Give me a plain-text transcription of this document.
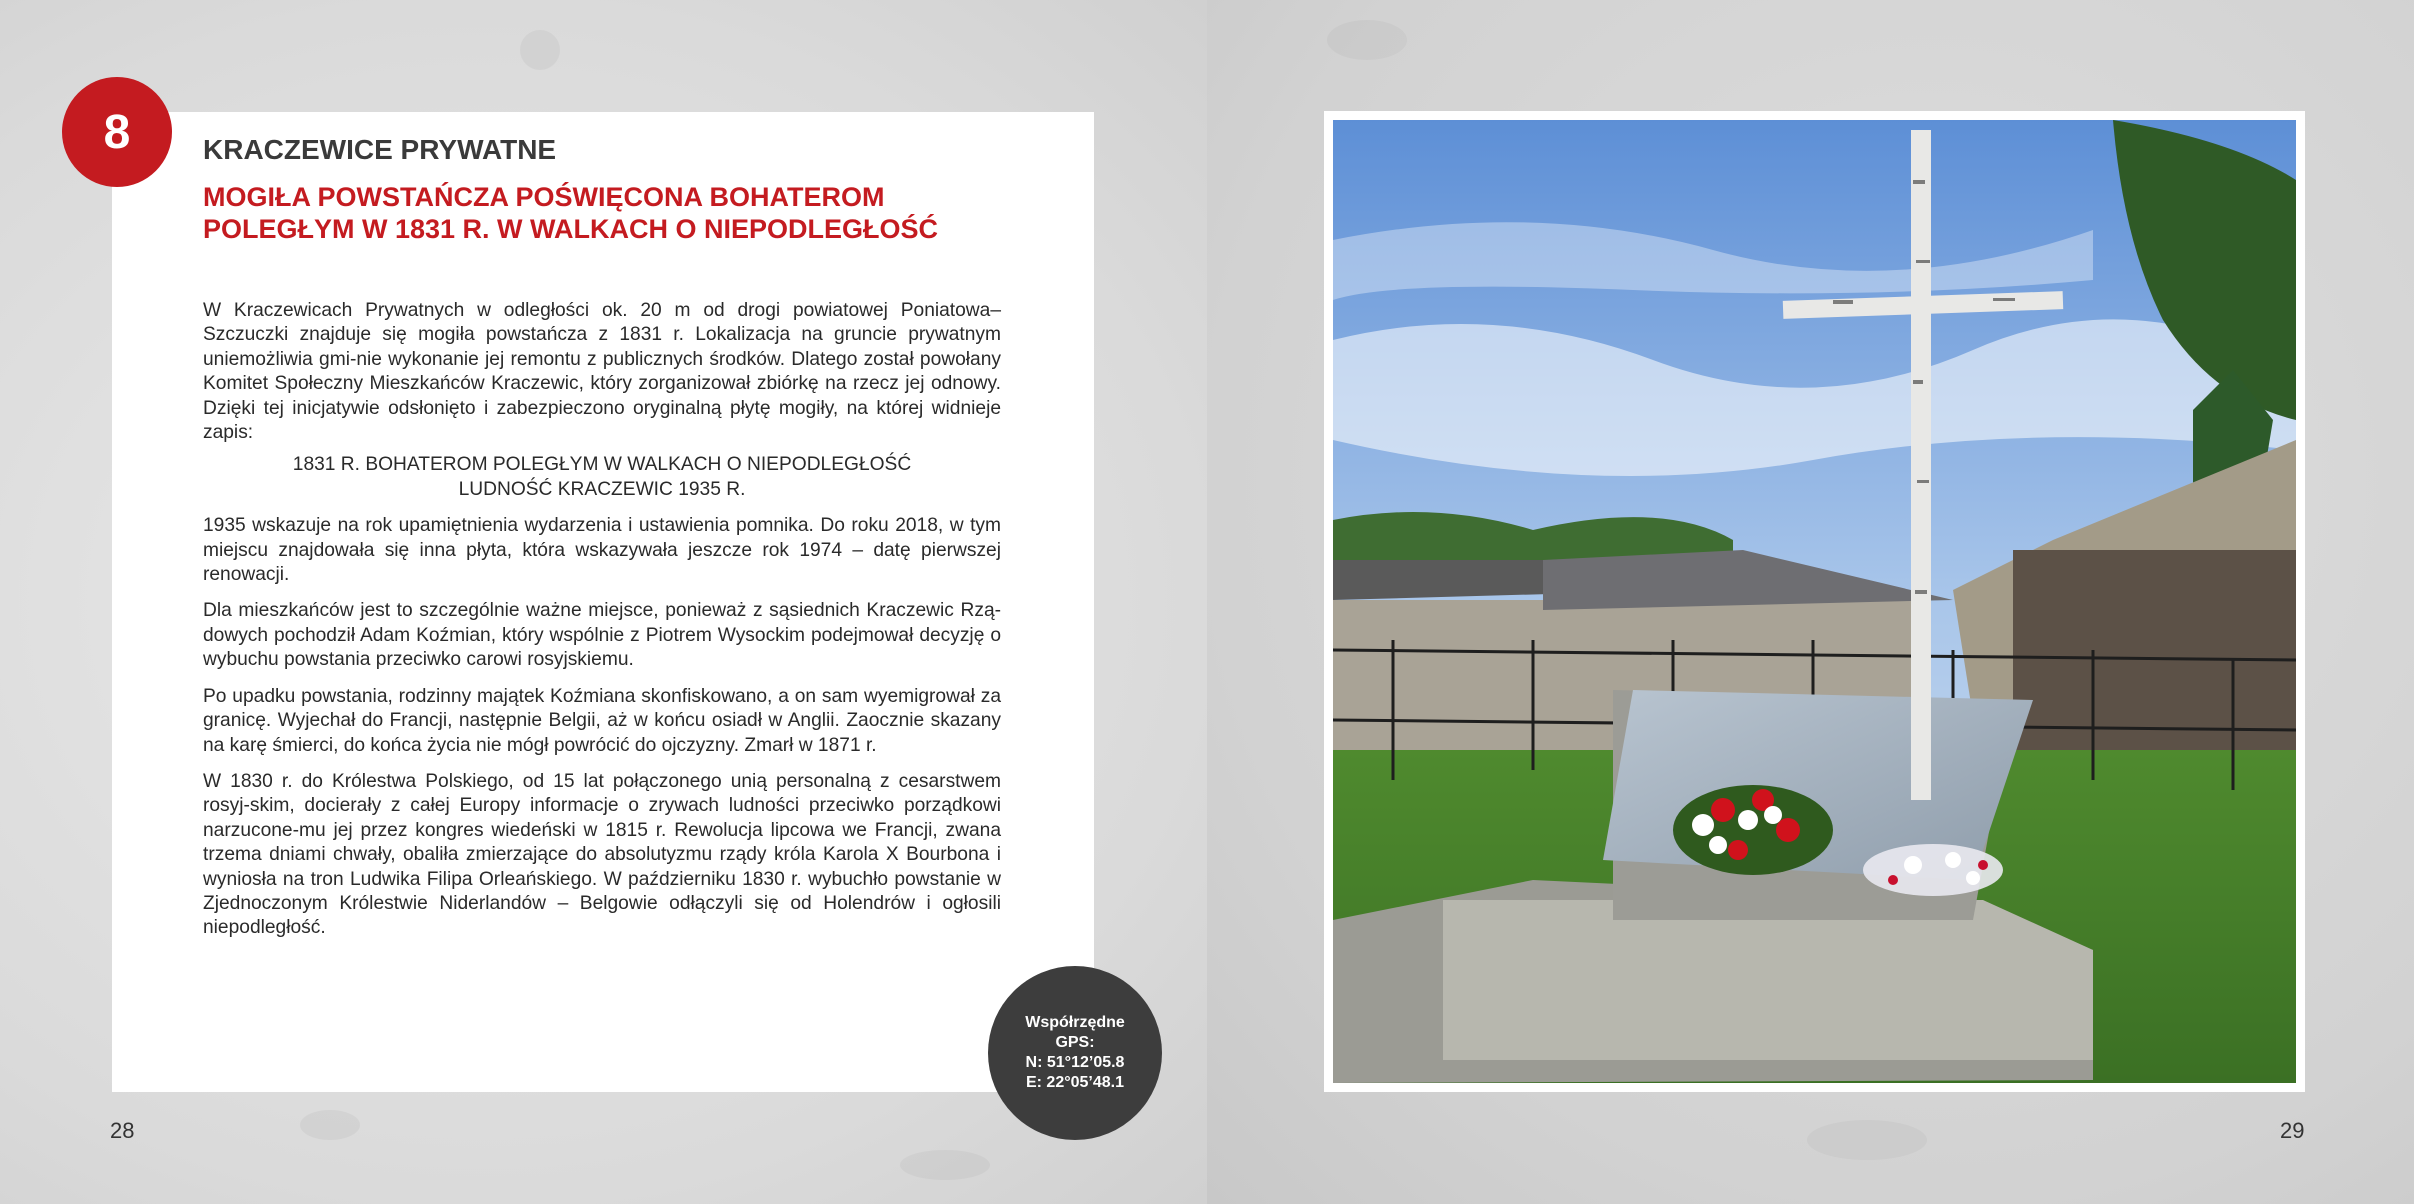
8	KRACZEWICE PRYWATNE
MOGIŁA POWSTAŃCZA POŚWIĘCONA BOHATEROM
POLEGŁYM W 1831 R. W WALKACH O NIEPODLEGŁOŚĆ

W Kraczewicach Prywatnych w odległości ok. 20 m od drogi powiatowej Poniatowa–Szczuczki znajduje się mogiła powstańcza z 1831 r. Lokalizacja na gruncie prywatnym uniemożliwia gmi-nie wykonanie jej remontu z publicznych środków. Dlatego został powołany Komitet Społeczny Mieszkańców Kraczewic, który zorganizował zbiórkę na rzecz jej odnowy. Dzięki tej inicjatywie odsłonięto i zabezpieczono oryginalną płytę mogiły, na której widnieje zapis:

1831 R. BOHATEROM POLEGŁYM W WALKACH O NIEPODLEGŁOŚĆ
LUDNOŚĆ KRACZEWIC 1935 R.

1935 wskazuje na rok upamiętnienia wydarzenia i ustawienia pomnika. Do roku 2018, w tym miejscu znajdowała się inna płyta, która wskazywała jeszcze rok 1974 – datę pierwszej renowacji.

Dla mieszkańców jest to szczególnie ważne miejsce, ponieważ z sąsiednich Kraczewic Rzą-dowych pochodził Adam Koźmian, który wspólnie z Piotrem Wysockim podejmował decyzję o wybuchu powstania przeciwko carowi rosyjskiemu.

Po upadku powstania, rodzinny majątek Koźmiana skonfiskowano, a on sam wyemigrował za granicę. Wyjechał do Francji, następnie Belgii, aż w końcu osiadł w Anglii. Zaocznie skazany na karę śmierci, do końca życia nie mógł powrócić do ojczyzny. Zmarł w 1871 r.

W 1830 r. do Królestwa Polskiego, od 15 lat połączonego unią personalną z cesarstwem rosyj-skim, docierały z całej Europy informacje o zrywach ludności przeciwko porządkowi narzucone-mu jej przez kongres wiedeński w 1815 r. Rewolucja lipcowa we Francji, zwana trzema dniami chwały, obaliła zmierzające do absolutyzmu rządy króla Karola X Bourbona i wyniosła na tron Ludwika Filipa Orleańskiego. W październiku 1830 r. wybuchło powstanie w Zjednoczonym Królestwie Niderlandów – Belgowie odłączyli się od Holendrów i ogłosili niepodległość.

Współrzędne
GPS:
N: 51°12’05.8
E: 22°05’48.1
28	29
